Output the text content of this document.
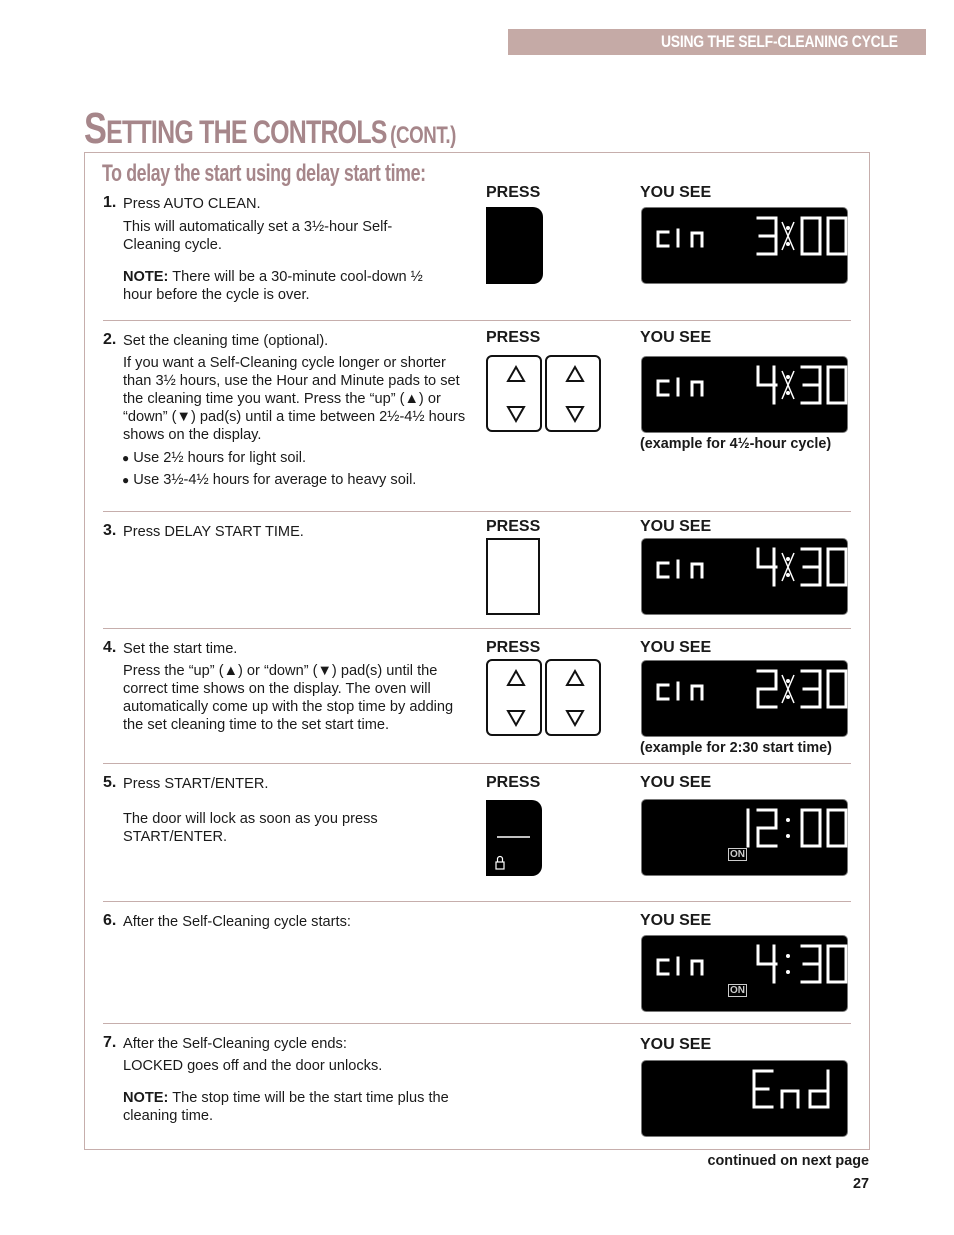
USING THE SELF-CLEANING CYCLE
SETTING THE CONTROLS (CONT.)
To delay the start using delay start time:
1. Press AUTO CLEAN.
This will automatically set a 3½-hour Self-Cleaning cycle.
NOTE: There will be a 30-minute cool-down ½ hour before the cycle is over.
PRESS	YOU SEE
2. Set the cleaning time (optional).
If you want a Self-Cleaning cycle longer or shorter than 3½ hours, use the Hour and Minute pads to set the cleaning time you want. Press the “up” (▲) or “down” (▼) pad(s) until a time between 2½-4½ hours shows on the display.
● Use 2½ hours for light soil.
● Use 3½-4½ hours for average to heavy soil.
PRESS	YOU SEE
(example for 4½-hour cycle)
3. Press DELAY START TIME.	PRESS	YOU SEE
4. Set the start time.
Press the “up” (▲) or “down” (▼) pad(s) until the correct time shows on the display. The oven will automatically come up with the stop time by adding the set cleaning time to the set start time.
PRESS	YOU SEE
(example for 2:30 start time)
5. Press START/ENTER.
The door will lock as soon as you press START/ENTER.
PRESS	YOU SEE
ON
6. After the Self-Cleaning cycle starts:	YOU SEE
ON
7. After the Self-Cleaning cycle ends:
LOCKED goes off and the door unlocks.
NOTE: The stop time will be the start time plus the cleaning time.
YOU SEE
continued on next page
27
